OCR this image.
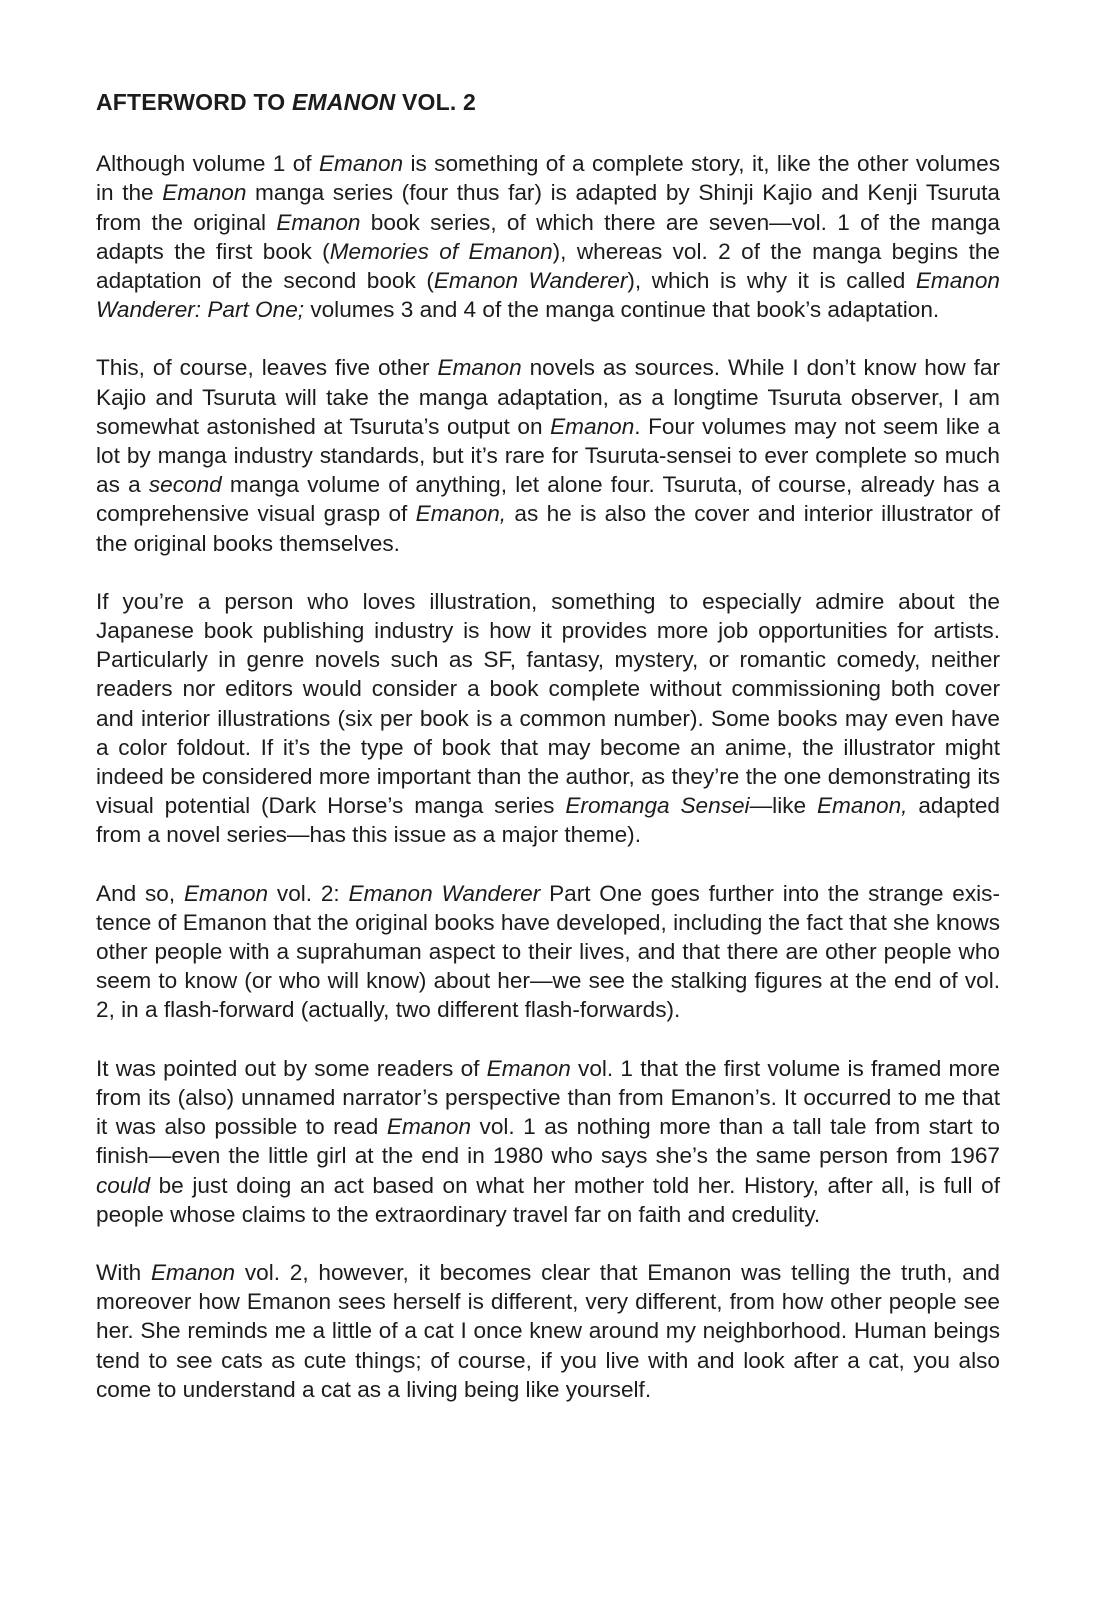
AFTERWORD TO EMANON VOL. 2

Although volume 1 of Emanon is something of a complete story, it, like the other volumes in the Emanon manga series (four thus far) is adapted by Shinji Kajio and Kenji Tsuruta from the original Emanon book series, of which there are seven—vol. 1 of the manga adapts the first book (Memories of Emanon), whereas vol. 2 of the manga begins the adaptation of the second book (Emanon Wanderer), which is why it is called Emanon Wanderer: Part One; volumes 3 and 4 of the manga continue that book’s adaptation.

This, of course, leaves five other Emanon novels as sources. While I don’t know how far Kajio and Tsuruta will take the manga adaptation, as a longtime Tsuruta observer, I am somewhat astonished at Tsuruta’s output on Emanon. Four volumes may not seem like a lot by manga industry standards, but it’s rare for Tsuruta-sensei to ever complete so much as a second manga volume of anything, let alone four. Tsuruta, of course, already has a comprehensive visual grasp of Emanon, as he is also the cover and interior illustrator of the original books themselves.

If you’re a person who loves illustration, something to especially admire about the Japanese book publishing industry is how it provides more job opportunities for artists. Particularly in genre novels such as SF, fantasy, mystery, or romantic comedy, neither readers nor editors would consider a book complete without commissioning both cover and interior illustrations (six per book is a common number). Some books may even have a color foldout. If it’s the type of book that may become an anime, the illustrator might indeed be considered more important than the author, as they’re the one demonstrating its visual potential (Dark Horse’s manga series Eromanga Sensei—like Emanon, adapted from a novel series—has this issue as a major theme).

And so, Emanon vol. 2: Emanon Wanderer Part One goes further into the strange existence of Emanon that the original books have developed, including the fact that she knows other people with a suprahuman aspect to their lives, and that there are other people who seem to know (or who will know) about her—we see the stalking figures at the end of vol. 2, in a flash-forward (actually, two different flash-forwards).

It was pointed out by some readers of Emanon vol. 1 that the first volume is framed more from its (also) unnamed narrator’s perspective than from Emanon’s. It occurred to me that it was also possible to read Emanon vol. 1 as nothing more than a tall tale from start to finish—even the little girl at the end in 1980 who says she’s the same person from 1967 could be just doing an act based on what her mother told her. History, after all, is full of people whose claims to the extraordinary travel far on faith and credulity.

With Emanon vol. 2, however, it becomes clear that Emanon was telling the truth, and moreover how Emanon sees herself is different, very different, from how other people see her. She reminds me a little of a cat I once knew around my neighborhood. Human beings tend to see cats as cute things; of course, if you live with and look after a cat, you also come to understand a cat as a living being like yourself.
